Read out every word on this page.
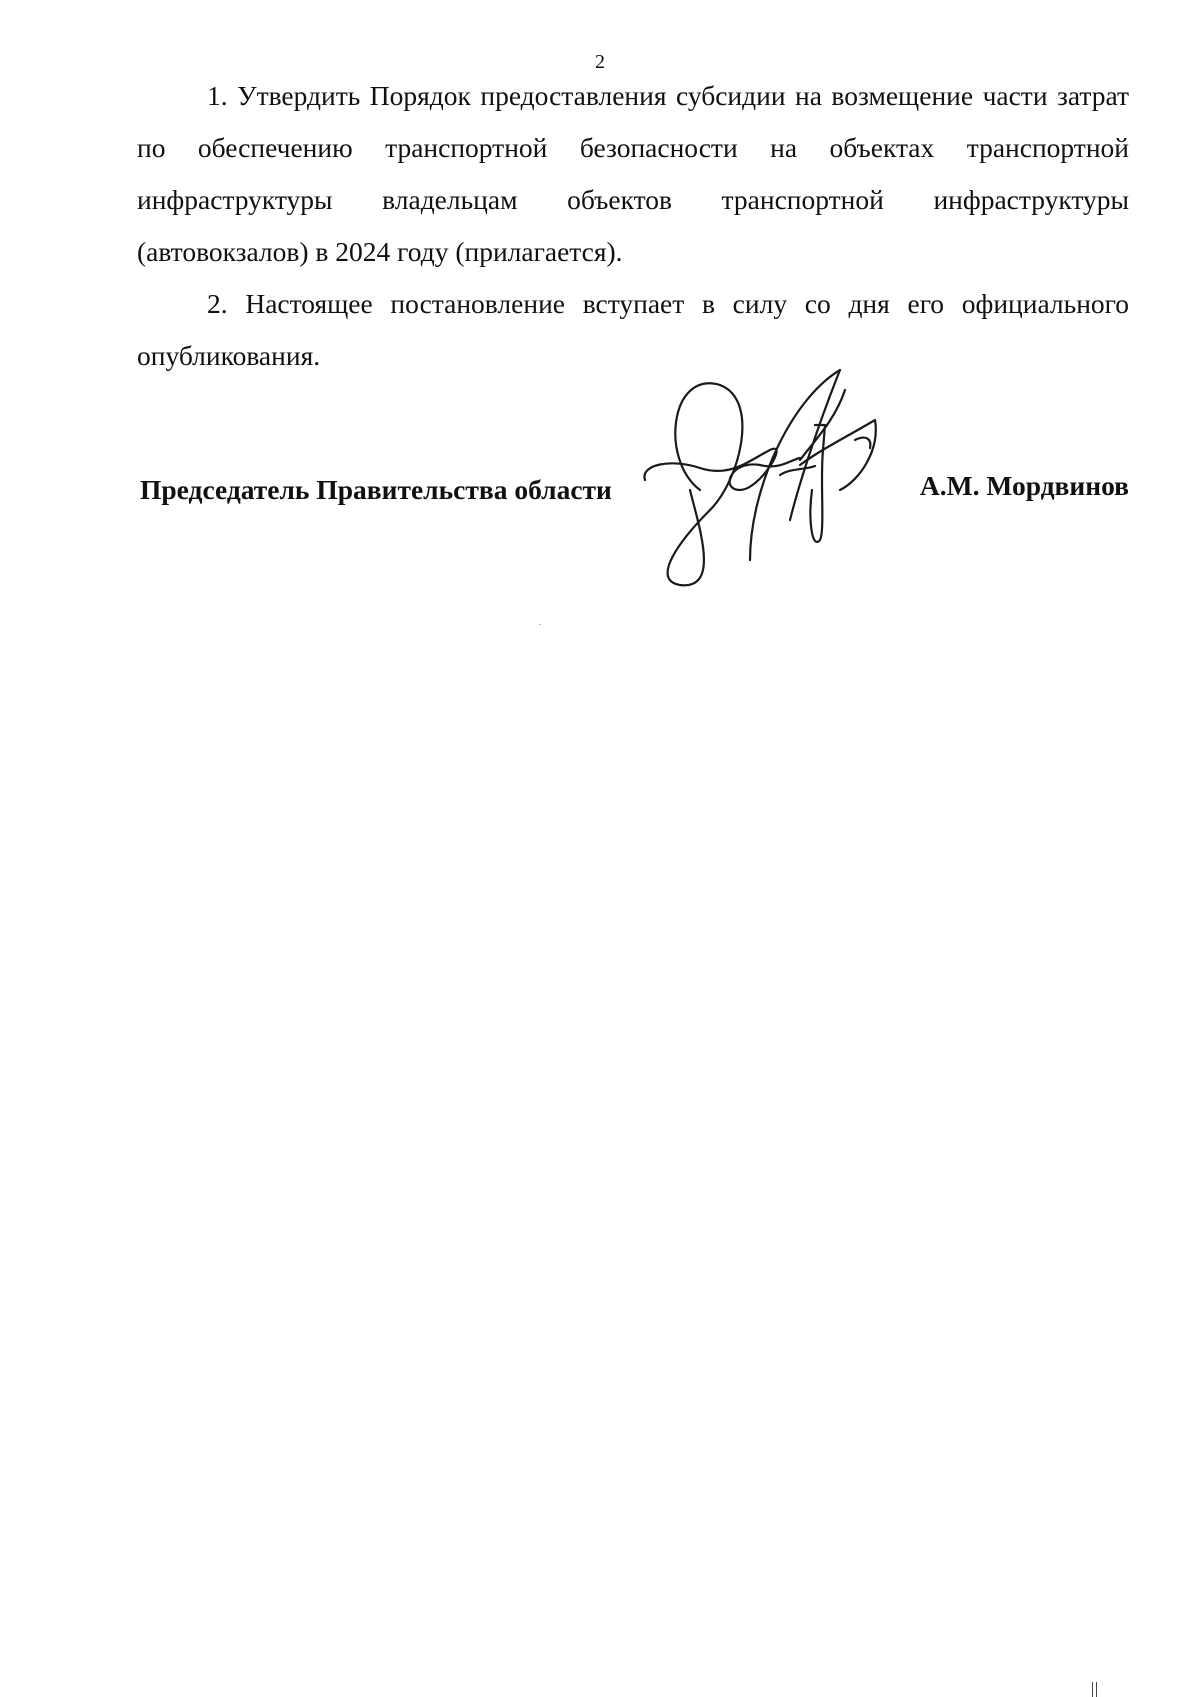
2

1. Утвердить Порядок предоставления субсидии на возмещение части затрат по обеспечению транспортной безопасности на объектах транспортной инфраструктуры владельцам объектов транспортной инфраструктуры (автовокзалов) в 2024 году (прилагается).

2. Настоящее постановление вступает в силу со дня его официального опубликования.

Председатель Правительства области	А.М. Мордвинов
